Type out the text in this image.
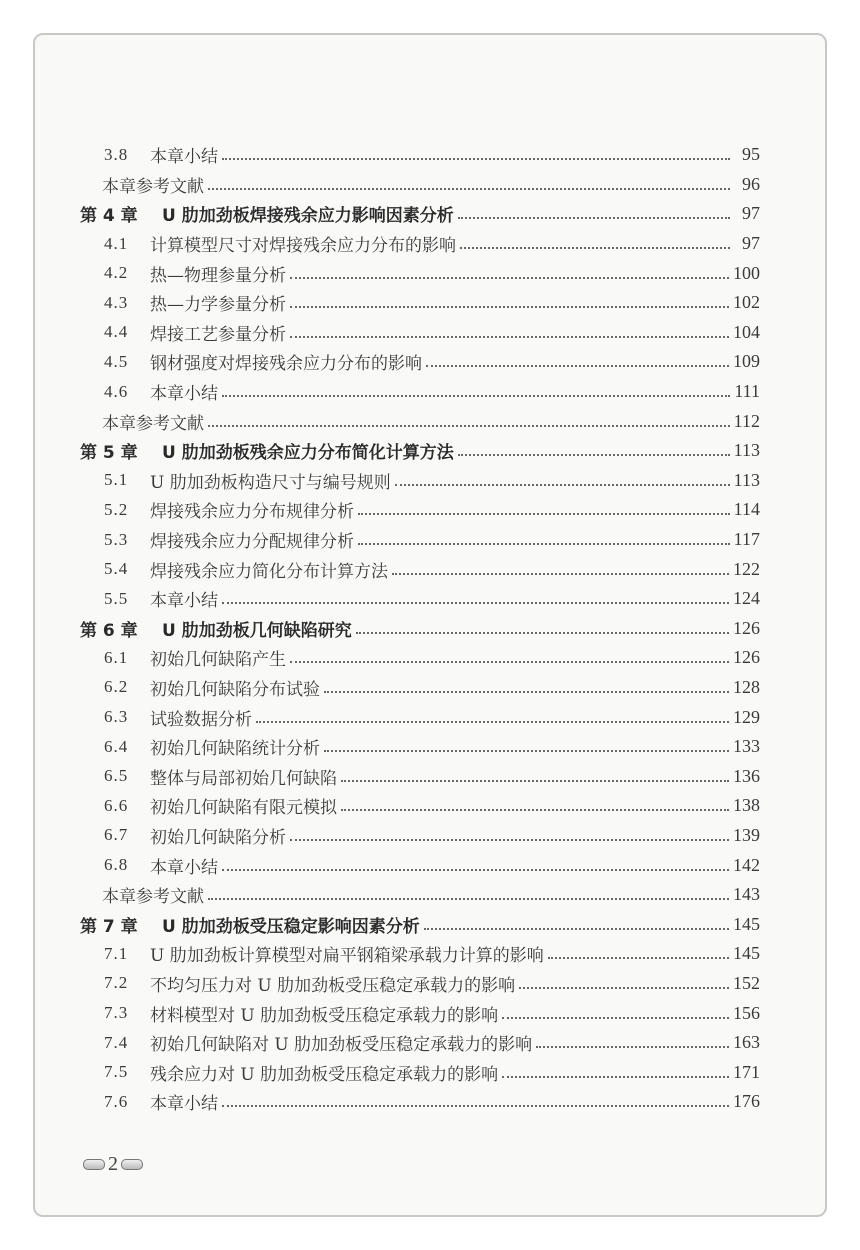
3.8	本章小结	95
本章参考文献	96
第 4 章	U 肋加劲板焊接残余应力影响因素分析	97
4.1	计算模型尺寸对焊接残余应力分布的影响	97
4.2	热—物理参量分析	100
4.3	热—力学参量分析	102
4.4	焊接工艺参量分析	104
4.5	钢材强度对焊接残余应力分布的影响	109
4.6	本章小结	111
本章参考文献	112
第 5 章	U 肋加劲板残余应力分布简化计算方法	113
5.1	U 肋加劲板构造尺寸与编号规则	113
5.2	焊接残余应力分布规律分析	114
5.3	焊接残余应力分配规律分析	117
5.4	焊接残余应力简化分布计算方法	122
5.5	本章小结	124
第 6 章	U 肋加劲板几何缺陷研究	126
6.1	初始几何缺陷产生	126
6.2	初始几何缺陷分布试验	128
6.3	试验数据分析	129
6.4	初始几何缺陷统计分析	133
6.5	整体与局部初始几何缺陷	136
6.6	初始几何缺陷有限元模拟	138
6.7	初始几何缺陷分析	139
6.8	本章小结	142
本章参考文献	143
第 7 章	U 肋加劲板受压稳定影响因素分析	145
7.1	U 肋加劲板计算模型对扁平钢箱梁承载力计算的影响	145
7.2	不均匀压力对 U 肋加劲板受压稳定承载力的影响	152
7.3	材料模型对 U 肋加劲板受压稳定承载力的影响	156
7.4	初始几何缺陷对 U 肋加劲板受压稳定承载力的影响	163
7.5	残余应力对 U 肋加劲板受压稳定承载力的影响	171
7.6	本章小结	176
2
